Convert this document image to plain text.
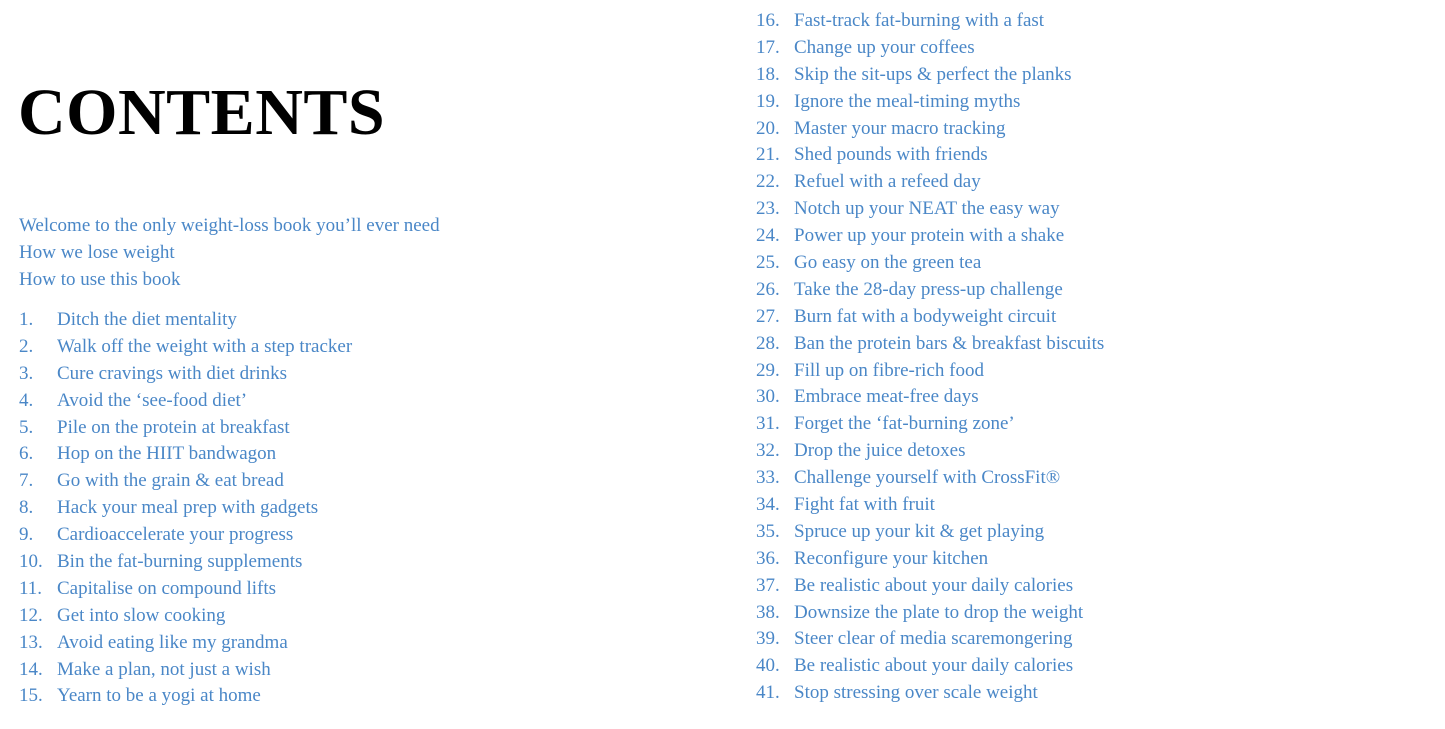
CONTENTS
Welcome to the only weight-loss book you’ll ever need
How we lose weight
How to use this book
1.	Ditch the diet mentality
2.	Walk off the weight with a step tracker
3.	Cure cravings with diet drinks
4.	Avoid the ‘see-food diet’
5.	Pile on the protein at breakfast
6.	Hop on the HIIT bandwagon
7.	Go with the grain & eat bread
8.	Hack your meal prep with gadgets
9.	Cardioaccelerate your progress
10. Bin the fat-burning supplements
11. Capitalise on compound lifts
12. Get into slow cooking
13. Avoid eating like my grandma
14. Make a plan, not just a wish
15. Yearn to be a yogi at home
16. Fast-track fat-burning with a fast
17. Change up your coffees
18. Skip the sit-ups & perfect the planks
19. Ignore the meal-timing myths
20. Master your macro tracking
21. Shed pounds with friends
22. Refuel with a refeed day
23. Notch up your NEAT the easy way
24. Power up your protein with a shake
25. Go easy on the green tea
26. Take the 28-day press-up challenge
27. Burn fat with a bodyweight circuit
28. Ban the protein bars & breakfast biscuits
29. Fill up on fibre-rich food
30. Embrace meat-free days
31. Forget the ‘fat-burning zone’
32. Drop the juice detoxes
33. Challenge yourself with CrossFit®
34. Fight fat with fruit
35. Spruce up your kit & get playing
36. Reconfigure your kitchen
37. Be realistic about your daily calories
38. Downsize the plate to drop the weight
39. Steer clear of media scaremongering
40. Be realistic about your daily calories
41. Stop stressing over scale weight
